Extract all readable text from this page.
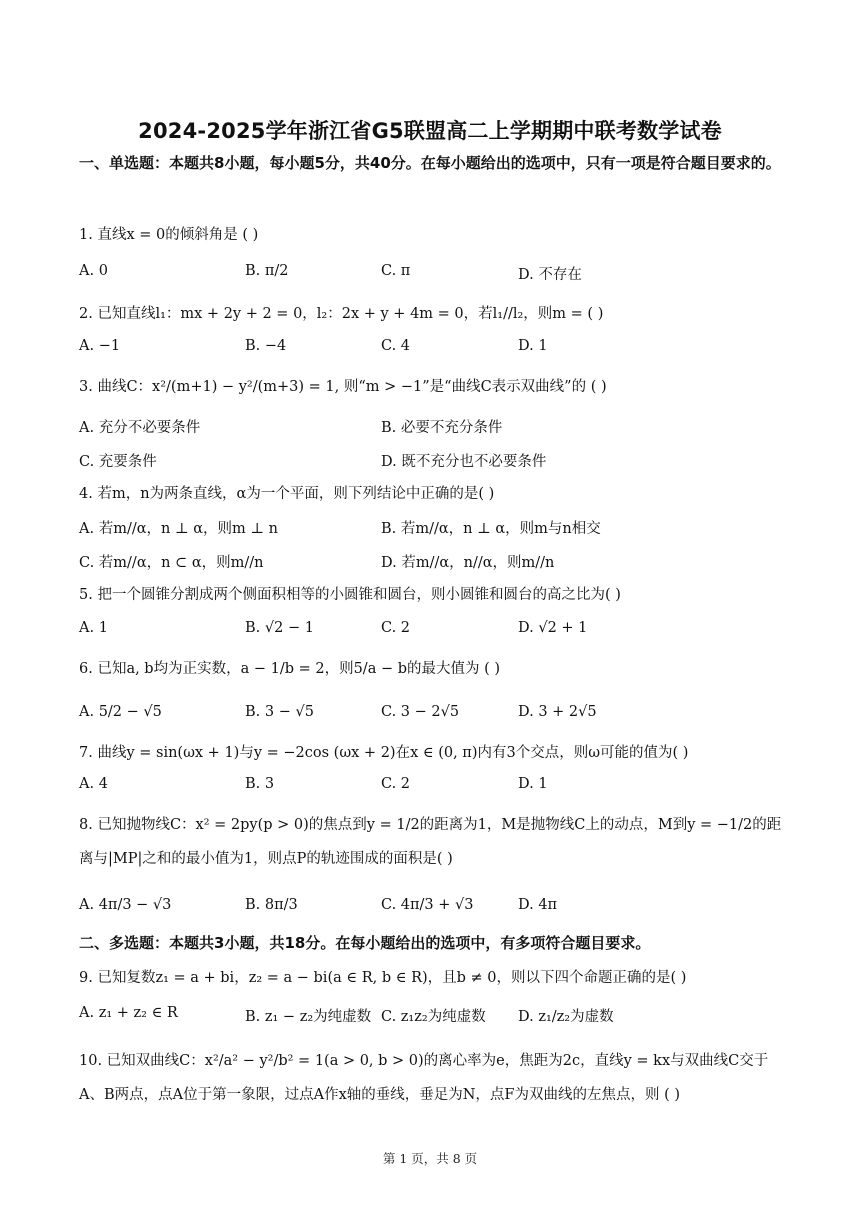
2024-2025学年浙江省G5联盟高二上学期期中联考数学试卷
一、单选题：本题共8小题，每小题5分，共40分。在每小题给出的选项中，只有一项是符合题目要求的。
1. 直线x = 0的倾斜角是 ( )
A. 0	B. π/2	C. π	D. 不存在
2. 已知直线l₁：mx + 2y + 2 = 0，l₂：2x + y + 4m = 0，若l₁//l₂，则m = ( )
A. −1	B. −4	C. 4	D. 1
3. 曲线C：x²/(m+1) − y²/(m+3) = 1, 则“m > −1”是“曲线C表示双曲线”的 ( )
A. 充分不必要条件	B. 必要不充分条件
C. 充要条件	D. 既不充分也不必要条件
4. 若m，n为两条直线，α为一个平面，则下列结论中正确的是( )
A. 若m//α，n ⊥ α，则m ⊥ n	B. 若m//α，n ⊥ α，则m与n相交
C. 若m//α，n ⊂ α，则m//n	D. 若m//α，n//α，则m//n
5. 把一个圆锥分割成两个侧面积相等的小圆锥和圆台，则小圆锥和圆台的高之比为( )
A. 1	B. √2 − 1	C. 2	D. √2 + 1
6. 已知a, b均为正实数，a − 1/b = 2，则5/a − b的最大值为 ( )
A. 5/2 − √5	B. 3 − √5	C. 3 − 2√5	D. 3 + 2√5
7. 曲线y = sin(ωx + 1)与y = −2cos (ωx + 2)在x ∈ (0, π)内有3个交点，则ω可能的值为( )
A. 4	B. 3	C. 2	D. 1
8. 已知抛物线C：x² = 2py(p > 0)的焦点到y = 1/2的距离为1，M是抛物线C上的动点，M到y = −1/2的距离与|MP|之和的最小值为1，则点P的轨迹围成的面积是( )
A. 4π/3 − √3	B. 8π/3	C. 4π/3 + √3	D. 4π
二、多选题：本题共3小题，共18分。在每小题给出的选项中，有多项符合题目要求。
9. 已知复数z₁ = a + bi，z₂ = a − bi(a ∈ R, b ∈ R)，且b ≠ 0，则以下四个命题正确的是( )
A. z₁ + z₂ ∈ R	B. z₁ − z₂为纯虚数 C. z₁z₂为纯虚数 D. z₁/z₂为虚数
10. 已知双曲线C：x²/a² − y²/b² = 1(a > 0, b > 0)的离心率为e，焦距为2c，直线y = kx与双曲线C交于A、B两点，点A位于第一象限，过点A作x轴的垂线，垂足为N，点F为双曲线的左焦点，则 ( )
第 1 页，共 8 页
